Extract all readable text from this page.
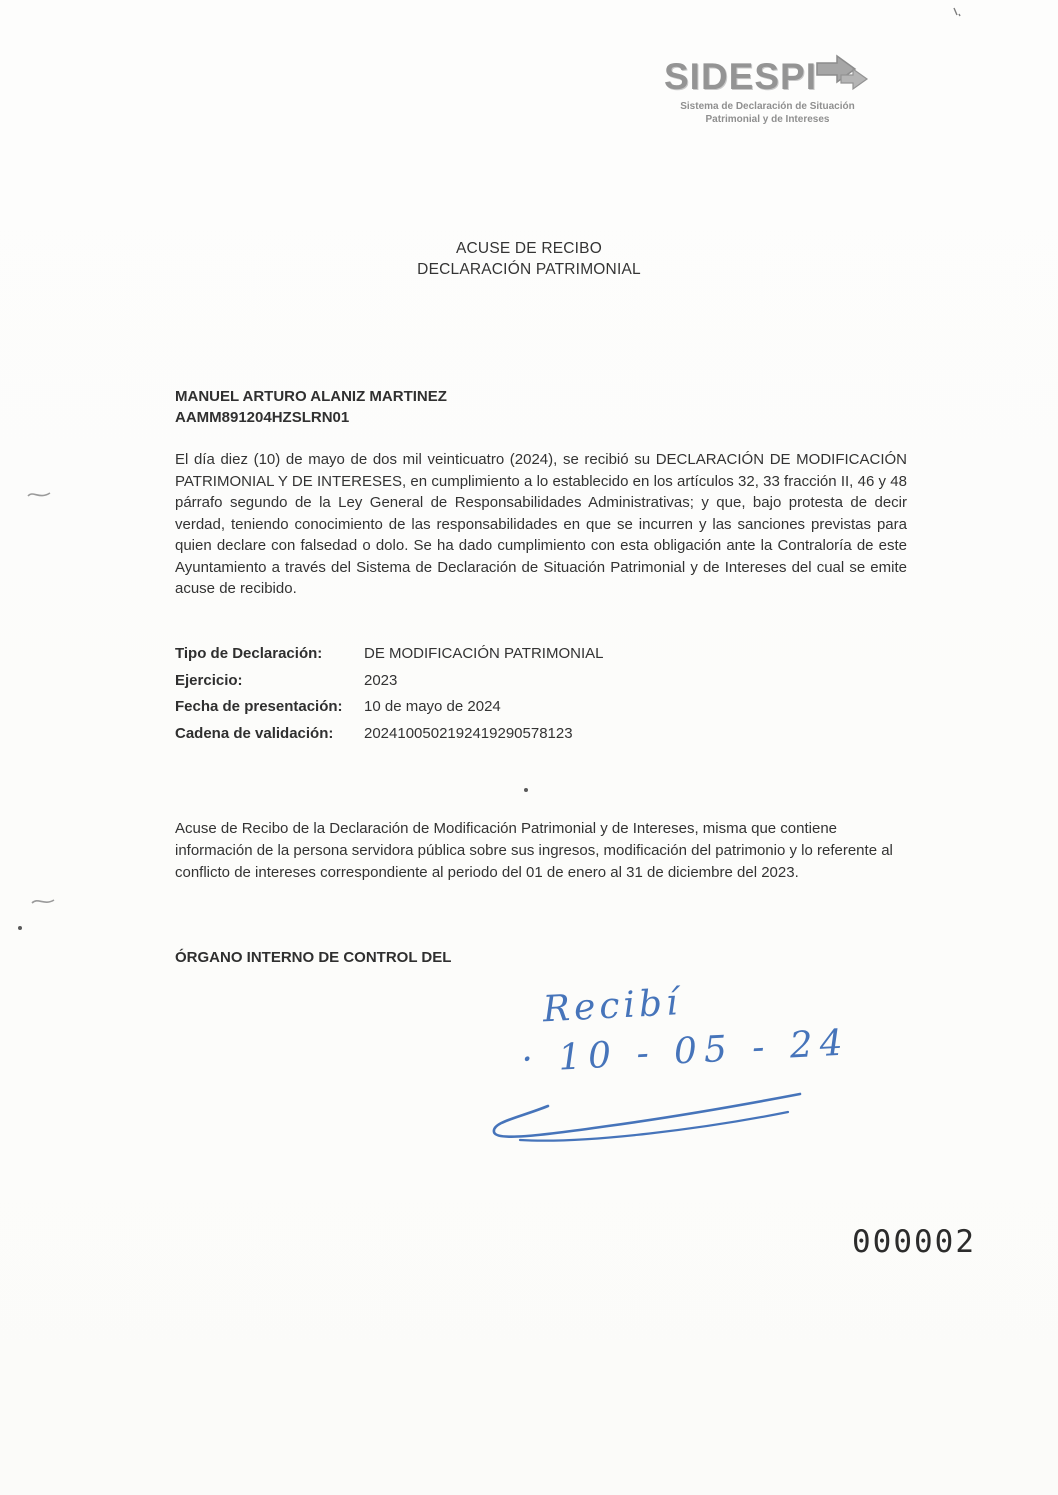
SIDESPI
Sistema de Declaración de Situación
Patrimonial y de Intereses
ACUSE DE RECIBO
DECLARACIÓN PATRIMONIAL
MANUEL ARTURO ALANIZ MARTINEZ
AAMM891204HZSLRN01

El día diez (10) de mayo de dos mil veinticuatro (2024), se recibió su DECLARACIÓN DE MODIFICACIÓN PATRIMONIAL Y DE INTERESES, en cumplimiento a lo establecido en los artículos 32, 33 fracción II, 46 y 48 párrafo segundo de la Ley General de Responsabilidades Administrativas; y que, bajo protesta de decir verdad, teniendo conocimiento de las responsabilidades en que se incurren y las sanciones previstas para quien declare con falsedad o dolo. Se ha dado cumplimiento con esta obligación ante la Contraloría de este Ayuntamiento a través del Sistema de Declaración de Situación Patrimonial y de Intereses del cual se emite acuse de recibido.

Tipo de Declaración:	DE MODIFICACIÓN PATRIMONIAL
Ejercicio:	2023
Fecha de presentación:	10 de mayo de 2024
Cadena de validación:	2024100502192419290578123

Acuse de Recibo de la Declaración de Modificación Patrimonial y de Intereses, misma que contiene información de la persona servidora pública sobre sus ingresos, modificación del patrimonio y lo referente al conflicto de intereses correspondiente al periodo del 01 de enero al 31 de diciembre del 2023.

ÓRGANO INTERNO DE CONTROL DEL
Recibí
· 10 - 05 - 24
000002
